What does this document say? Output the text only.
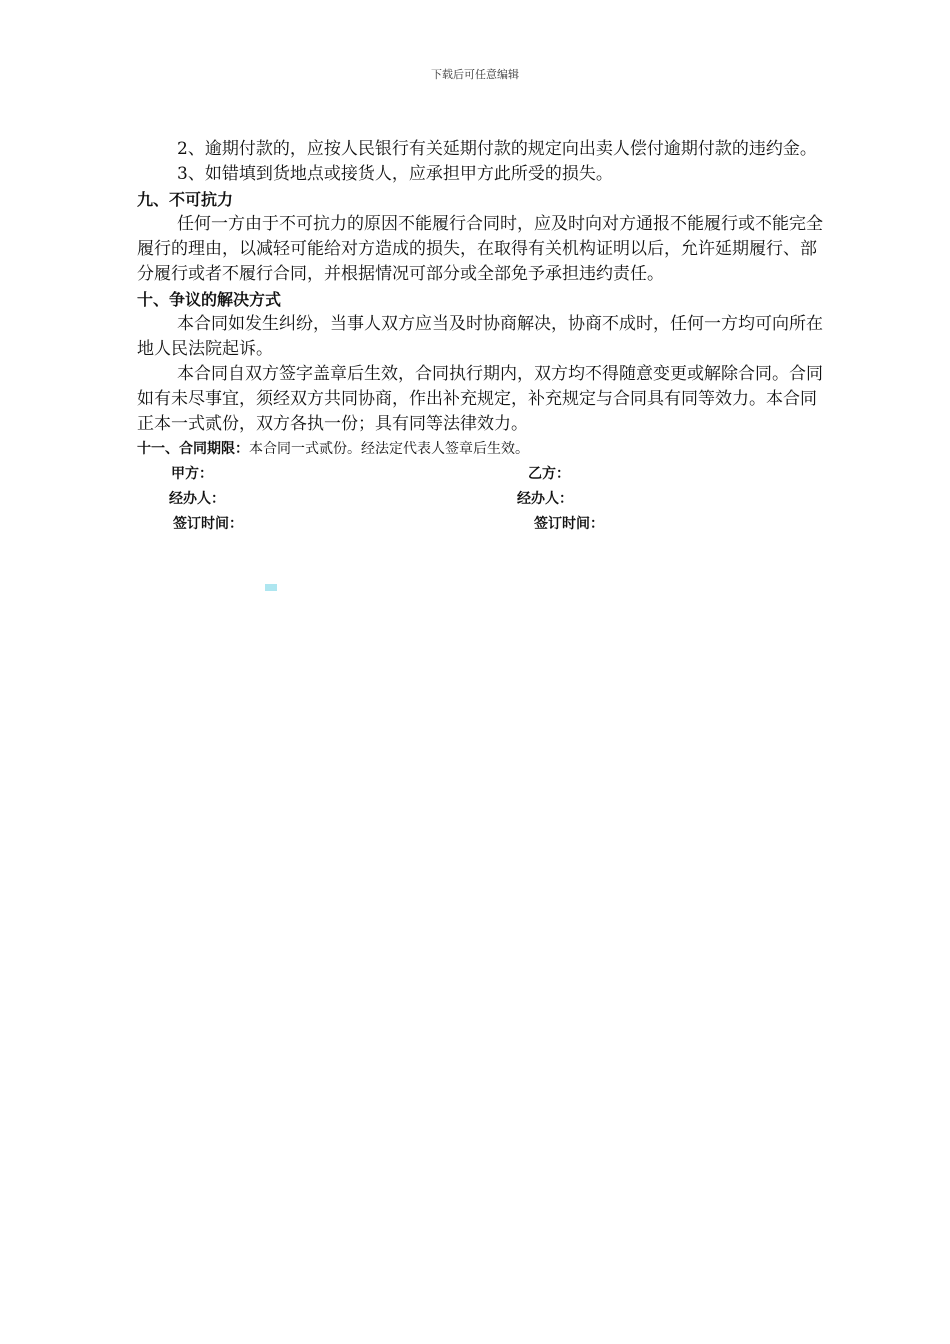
下载后可任意编辑

2、逾期付款的，应按人民银行有关延期付款的规定向出卖人偿付逾期付款的违约金。

3、如错填到货地点或接货人，应承担甲方此所受的损失。

九、不可抗力

任何一方由于不可抗力的原因不能履行合同时，应及时向对方通报不能履行或不能完全履行的理由，以减轻可能给对方造成的损失，在取得有关机构证明以后，允许延期履行、部分履行或者不履行合同，并根据情况可部分或全部免予承担违约责任。

十、争议的解决方式

本合同如发生纠纷，当事人双方应当及时协商解决，协商不成时，任何一方均可向所在地人民法院起诉。

本合同自双方签字盖章后生效，合同执行期内，双方均不得随意变更或解除合同。合同如有未尽事宜，须经双方共同协商，作出补充规定，补充规定与合同具有同等效力。本合同正本一式贰份，双方各执一份；具有同等法律效力。

十一、合同期限：本合同一式贰份。经法定代表人签章后生效。

甲方：	乙方：
经办人：	经办人：
签订时间：	签订时间：
